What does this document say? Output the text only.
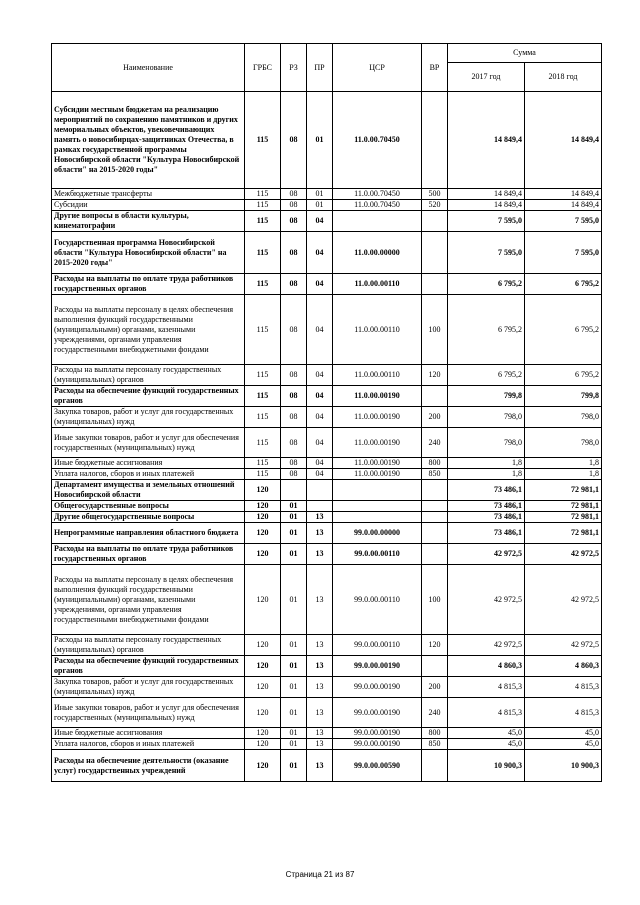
Наименование	ГРБС	РЗ	ПР	ЦСР	ВР	Сумма	
						2017 год	2018 год
Субсидии местным бюджетам на реализацию мероприятий по сохранению памятников и других мемориальных объектов, увековечивающих память о новосибирцах-защитниках Отечества, в рамках государственной программы Новосибирской области "Культура Новосибирской области" на 2015-2020 годы"	115	08	01	11.0.00.70450		14 849,4	14 849,4
Межбюджетные трансферты	115	08	01	11.0.00.70450	500	14 849,4	14 849,4
Субсидии	115	08	01	11.0.00.70450	520	14 849,4	14 849,4
Другие вопросы в области культуры, кинематографии	115	08	04			7 595,0	7 595,0
Государственная программа Новосибирской области "Культура Новосибирской области" на 2015-2020 годы"	115	08	04	11.0.00.00000		7 595,0	7 595,0
Расходы на выплаты по оплате труда работников государственных органов	115	08	04	11.0.00.00110		6 795,2	6 795,2
Расходы на выплаты персоналу в целях обеспечения выполнения функций государственными (муниципальными) органами, казенными учреждениями, органами управления государственными внебюджетными фондами	115	08	04	11.0.00.00110	100	6 795,2	6 795,2
Расходы на выплаты персоналу государственных (муниципальных) органов	115	08	04	11.0.00.00110	120	6 795,2	6 795,2
Расходы на обеспечение функций государственных органов	115	08	04	11.0.00.00190		799,8	799,8
Закупка товаров, работ и услуг для государственных (муниципальных) нужд	115	08	04	11.0.00.00190	200	798,0	798,0
Иные закупки товаров, работ и услуг для обеспечения государственных (муниципальных) нужд	115	08	04	11.0.00.00190	240	798,0	798,0
Иные бюджетные ассигнования	115	08	04	11.0.00.00190	800	1,8	1,8
Уплата налогов, сборов и иных платежей	115	08	04	11.0.00.00190	850	1,8	1,8
Департамент имущества и земельных отношений Новосибирской области	120					73 486,1	72 981,1
Общегосударственные вопросы	120	01				73 486,1	72 981,1
Другие общегосударственные вопросы	120	01	13			73 486,1	72 981,1
Непрограммные направления областного бюджета	120	01	13	99.0.00.00000		73 486,1	72 981,1
Расходы на выплаты по оплате труда работников государственных органов	120	01	13	99.0.00.00110		42 972,5	42 972,5
Расходы на выплаты персоналу в целях обеспечения выполнения функций государственными (муниципальными) органами, казенными учреждениями, органами управления государственными внебюджетными фондами	120	01	13	99.0.00.00110	100	42 972,5	42 972,5
Расходы на выплаты персоналу государственных (муниципальных) органов	120	01	13	99.0.00.00110	120	42 972,5	42 972,5
Расходы на обеспечение функций государственных органов	120	01	13	99.0.00.00190		4 860,3	4 860,3
Закупка товаров, работ и услуг для государственных (муниципальных) нужд	120	01	13	99.0.00.00190	200	4 815,3	4 815,3
Иные закупки товаров, работ и услуг для обеспечения государственных (муниципальных) нужд	120	01	13	99.0.00.00190	240	4 815,3	4 815,3
Иные бюджетные ассигнования	120	01	13	99.0.00.00190	800	45,0	45,0
Уплата налогов, сборов и иных платежей	120	01	13	99.0.00.00190	850	45,0	45,0
Расходы на обеспечение деятельности (оказание услуг) государственных учреждений	120	01	13	99.0.00.00590		10 900,3	10 900,3
Страница 21 из 87
